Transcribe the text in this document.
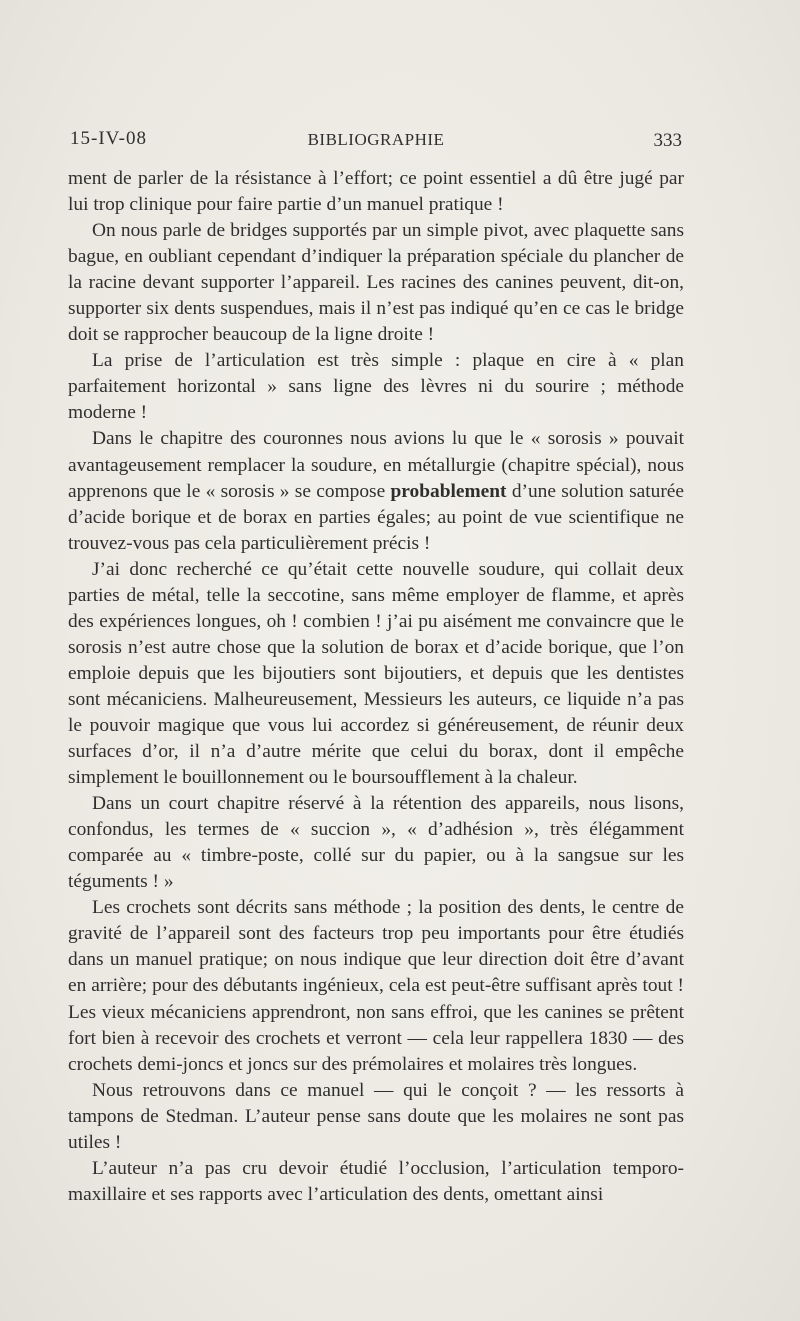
15-IV-08	BIBLIOGRAPHIE	333

ment de parler de la résistance à l’effort; ce point essentiel a dû être jugé par lui trop clinique pour faire partie d’un manuel pratique !

On nous parle de bridges supportés par un simple pivot, avec plaquette sans bague, en oubliant cependant d’indiquer la préparation spéciale du plancher de la racine devant supporter l’appareil. Les racines des canines peuvent, dit-on, supporter six dents suspendues, mais il n’est pas indiqué qu’en ce cas le bridge doit se rapprocher beaucoup de la ligne droite !

La prise de l’articulation est très simple : plaque en cire à « plan parfaitement horizontal » sans ligne des lèvres ni du sourire ; méthode moderne !

Dans le chapitre des couronnes nous avions lu que le « sorosis » pouvait avantageusement remplacer la soudure, en métallurgie (chapitre spécial), nous apprenons que le « sorosis » se compose probablement d’une solution saturée d’acide borique et de borax en parties égales; au point de vue scientifique ne trouvez-vous pas cela particulièrement précis !

J’ai donc recherché ce qu’était cette nouvelle soudure, qui collait deux parties de métal, telle la seccotine, sans même employer de flamme, et après des expériences longues, oh ! combien ! j’ai pu aisément me convaincre que le sorosis n’est autre chose que la solution de borax et d’acide borique, que l’on emploie depuis que les bijoutiers sont bijoutiers, et depuis que les dentistes sont mécaniciens. Malheureusement, Messieurs les auteurs, ce liquide n’a pas le pouvoir magique que vous lui accordez si généreusement, de réunir deux surfaces d’or, il n’a d’autre mérite que celui du borax, dont il empêche simplement le bouillonnement ou le boursoufflement à la chaleur.

Dans un court chapitre réservé à la rétention des appareils, nous lisons, confondus, les termes de « succion », « d’adhésion », très élégamment comparée au « timbre-poste, collé sur du papier, ou à la sangsue sur les téguments ! »

Les crochets sont décrits sans méthode ; la position des dents, le centre de gravité de l’appareil sont des facteurs trop peu importants pour être étudiés dans un manuel pratique; on nous indique que leur direction doit être d’avant en arrière; pour des débutants ingénieux, cela est peut-être suffisant après tout ! Les vieux mécaniciens apprendront, non sans effroi, que les canines se prêtent fort bien à recevoir des crochets et verront — cela leur rappellera 1830 — des crochets demi-joncs et joncs sur des prémolaires et molaires très longues.

Nous retrouvons dans ce manuel — qui le conçoit ? — les ressorts à tampons de Stedman. L’auteur pense sans doute que les molaires ne sont pas utiles !

L’auteur n’a pas cru devoir étudié l’occlusion, l’articulation temporo-maxillaire et ses rapports avec l’articulation des dents, omettant ainsi
